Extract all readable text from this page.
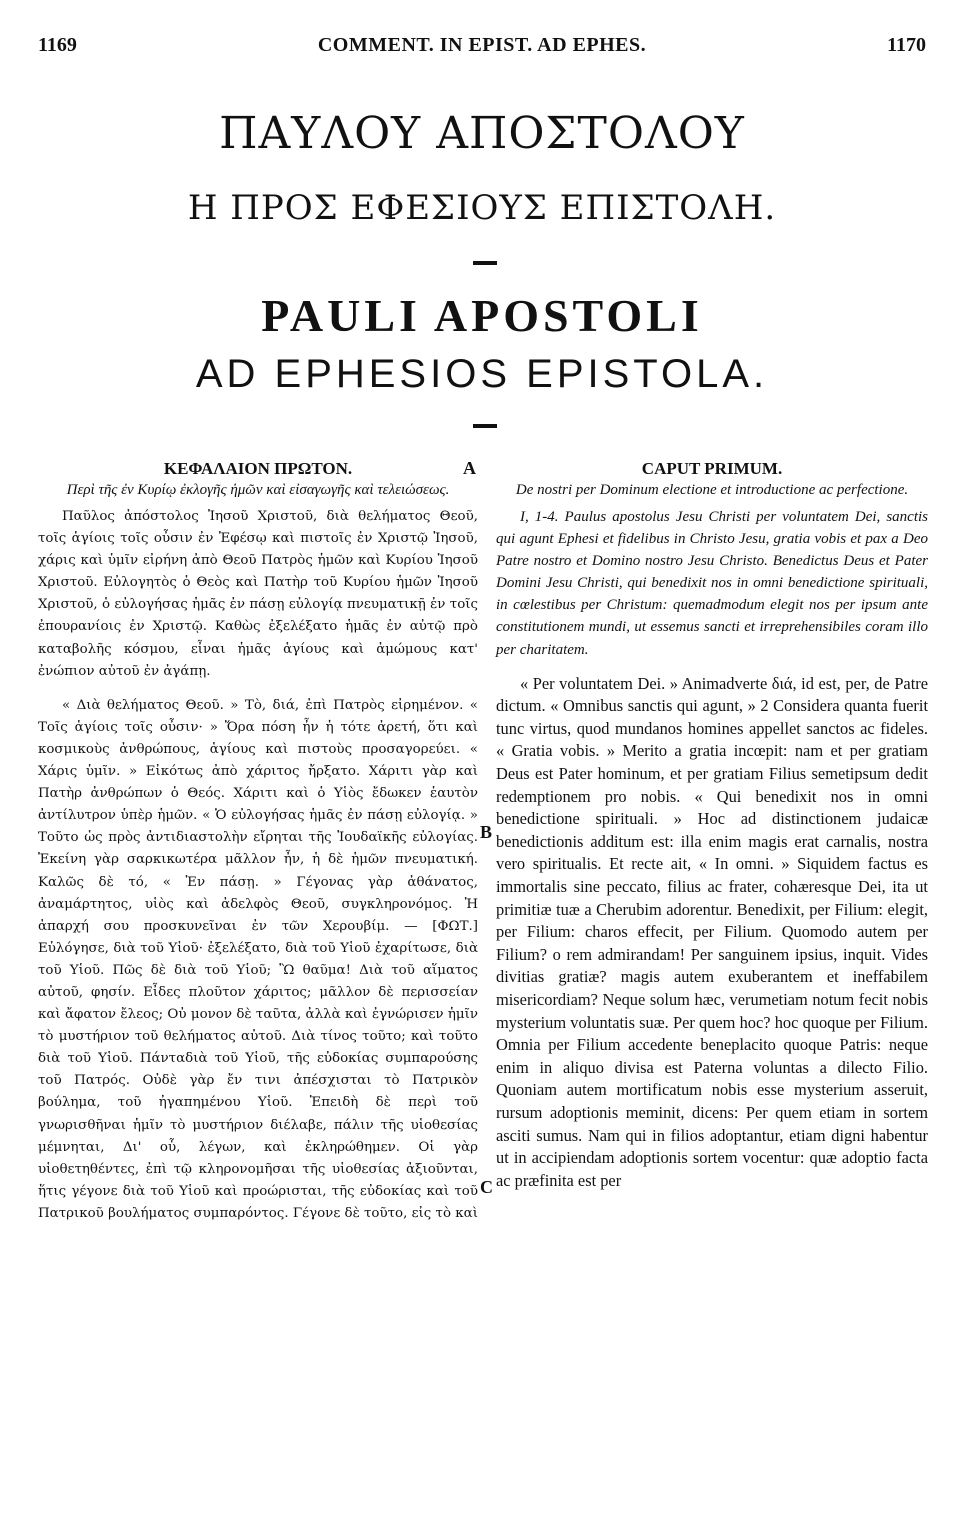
1169	COMMENT. IN EPIST. AD EPHES.	1170
ΠΑΥΛΟΥ ΑΠΟΣΤΟΛΟΥ
Η ΠΡΟΣ ΕΦΕΣΙΟΥΣ ΕΠΙΣΤΟΛΗ.
PAULI APOSTOLI
AD EPHESIOS EPISTOLA.
A
B
C
ΚΕΦΑΛΑΙΟΝ ΠΡΩΤΟΝ.
Περὶ τῆς ἐν Κυρίῳ ἐκλογῆς ἡμῶν καὶ εἰσαγωγῆς καὶ τελειώσεως.

Παῦλος ἀπόστολος Ἰησοῦ Χριστοῦ, διὰ θελήματος Θεοῦ, τοῖς ἁγίοις τοῖς οὖσιν ἐν Ἐφέσῳ καὶ πιστοῖς ἐν Χριστῷ Ἰησοῦ, χάρις καὶ ὑμῖν εἰρήνη ἀπὸ Θεοῦ Πατρὸς ἡμῶν καὶ Κυρίου Ἰησοῦ Χριστοῦ. Εὐλογητὸς ὁ Θεὸς καὶ Πατὴρ τοῦ Κυρίου ἡμῶν Ἰησοῦ Χριστοῦ, ὁ εὐλογήσας ἡμᾶς ἐν πάσῃ εὐλογίᾳ πνευματικῇ ἐν τοῖς ἐπουρανίοις ἐν Χριστῷ. Καθὼς ἐξελέξατο ἡμᾶς ἐν αὐτῷ πρὸ καταβολῆς κόσμου, εἶναι ἡμᾶς ἁγίους καὶ ἀμώμους κατ' ἐνώπιον αὐτοῦ ἐν ἀγάπῃ.

« Διὰ θελήματος Θεοῦ. » Τὸ, διά, ἐπὶ Πατρὸς εἰρημένον. « Τοῖς ἁγίοις τοῖς οὖσιν· » Ὅρα πόση ἦν ἡ τότε ἀρετή, ὅτι καὶ κοσμικοὺς ἀνθρώπους, ἁγίους καὶ πιστοὺς προσαγορεύει. « Χάρις ὑμῖν. » Εἰκότως ἀπὸ χάριτος ἤρξατο. Χάριτι γὰρ καὶ Πατὴρ ἀνθρώπων ὁ Θεός. Χάριτι καὶ ὁ Υἱὸς ἔδωκεν ἑαυτὸν ἀντίλυτρον ὑπὲρ ἡμῶν. « Ὁ εὐλογήσας ἡμᾶς ἐν πάσῃ εὐλογίᾳ. » Τοῦτο ὡς πρὸς ἀντιδιαστολὴν εἴρηται τῆς Ἰουδαϊκῆς εὐλογίας. Ἐκείνη γὰρ σαρκικωτέρα μᾶλλον ἦν, ἡ δὲ ἡμῶν πνευματική. Καλῶς δὲ τό, « Ἐν πάσῃ. » Γέγονας γὰρ ἀθάνατος, ἀναμάρτητος, υἱὸς καὶ ἀδελφὸς Θεοῦ, συγκληρονόμος. Ἡ ἀπαρχή σου προσκυνεῖναι ἐν τῶν Χερουβίμ. — [ΦΩΤ.] Εὐλόγησε, διὰ τοῦ Υἱοῦ· ἐξελέξατο, διὰ τοῦ Υἱοῦ ἐχαρίτωσε, διὰ τοῦ Υἱοῦ. Πῶς δὲ διὰ τοῦ Υἱοῦ; Ὢ θαῦμα! Διὰ τοῦ αἵματος αὐτοῦ, φησίν. Εἶδες πλοῦτον χάριτος; μᾶλλον δὲ περισσείαν καὶ ἄφατον ἔλεος; Οὐ μονον δὲ ταῦτα, ἀλλὰ καὶ ἐγνώρισεν ἡμῖν τὸ μυστήριον τοῦ θελήματος αὐτοῦ. Διὰ τίνος τοῦτο; καὶ τοῦτο διὰ τοῦ Υἱοῦ. Πάνταδιὰ τοῦ Υἱοῦ, τῆς εὐδοκίας συμπαρούσης τοῦ Πατρός. Οὐδὲ γὰρ ἔν τινι ἀπέσχισται τὸ Πατρικὸν βούλημα, τοῦ ἠγαπημένου Υἱοῦ. Ἐπειδὴ δὲ περὶ τοῦ γνωρισθῆναι ἡμῖν τὸ μυστήριον διέλαβε, πάλιν τῆς υἱοθεσίας μέμνηται, Δι' οὗ, λέγων, καὶ ἐκληρώθημεν. Οἱ γὰρ υἱοθετηθέντες, ἐπὶ τῷ κληρονομῆσαι τῆς υἱοθεσίας ἀξιοῦνται, ἥτις γέγονε διὰ τοῦ Υἱοῦ καὶ προώρισται, τῆς εὐδοκίας καὶ τοῦ Πατρικοῦ βουλήματος συμπαρόντος. Γέγονε δὲ τοῦτο, εἰς τὸ καὶ

CAPUT PRIMUM.
De nostri per Dominum electione et introductione ac perfectione.

I, 1-4. Paulus apostolus Jesu Christi per voluntatem Dei, sanctis qui agunt Ephesi et fidelibus in Christo Jesu, gratia vobis et pax a Deo Patre nostro et Domino nostro Jesu Christo. Benedictus Deus et Pater Domini Jesu Christi, qui benedixit nos in omni benedictione spirituali, in cœlestibus per Christum: quemadmodum elegit nos per ipsum ante constitutionem mundi, ut essemus sancti et irreprehensibiles coram illo per charitatem.

« Per voluntatem Dei. » Animadverte διά, id est, per, de Patre dictum. « Omnibus sanctis qui agunt, » 2 Considera quanta fuerit tunc virtus, quod mundanos homines appellet sanctos ac fideles. « Gratia vobis. » Merito a gratia incœpit: nam et per gratiam Deus est Pater hominum, et per gratiam Filius semetipsum dedit redemptionem pro nobis. « Qui benedixit nos in omni benedictione spirituali. » Hoc ad distinctionem judaicæ benedictionis additum est: illa enim magis erat carnalis, nostra vero spiritualis. Et recte ait, « In omni. » Siquidem factus es immortalis sine peccato, filius ac frater, cohæresque Dei, ita ut primitiæ tuæ a Cherubim adorentur. Benedixit, per Filium: elegit, per Filium: charos effecit, per Filium. Quomodo autem per Filium? o rem admirandam! Per sanguinem ipsius, inquit. Vides divitias gratiæ? magis autem exuberantem et ineffabilem misericordiam? Neque solum hæc, verumetiam notum fecit nobis mysterium voluntatis suæ. Per quem hoc? hoc quoque per Filium. Omnia per Filium accedente beneplacito quoque Patris: neque enim in aliquo divisa est Paterna voluntas a dilecto Filio. Quoniam autem mortificatum nobis esse mysterium asseruit, rursum adoptionis meminit, dicens: Per quem etiam in sortem asciti sumus. Nam qui in filios adoptantur, etiam digni habentur ut in accipiendam adoptionis sortem vocentur: quæ adoptio facta ac præfinita est per
